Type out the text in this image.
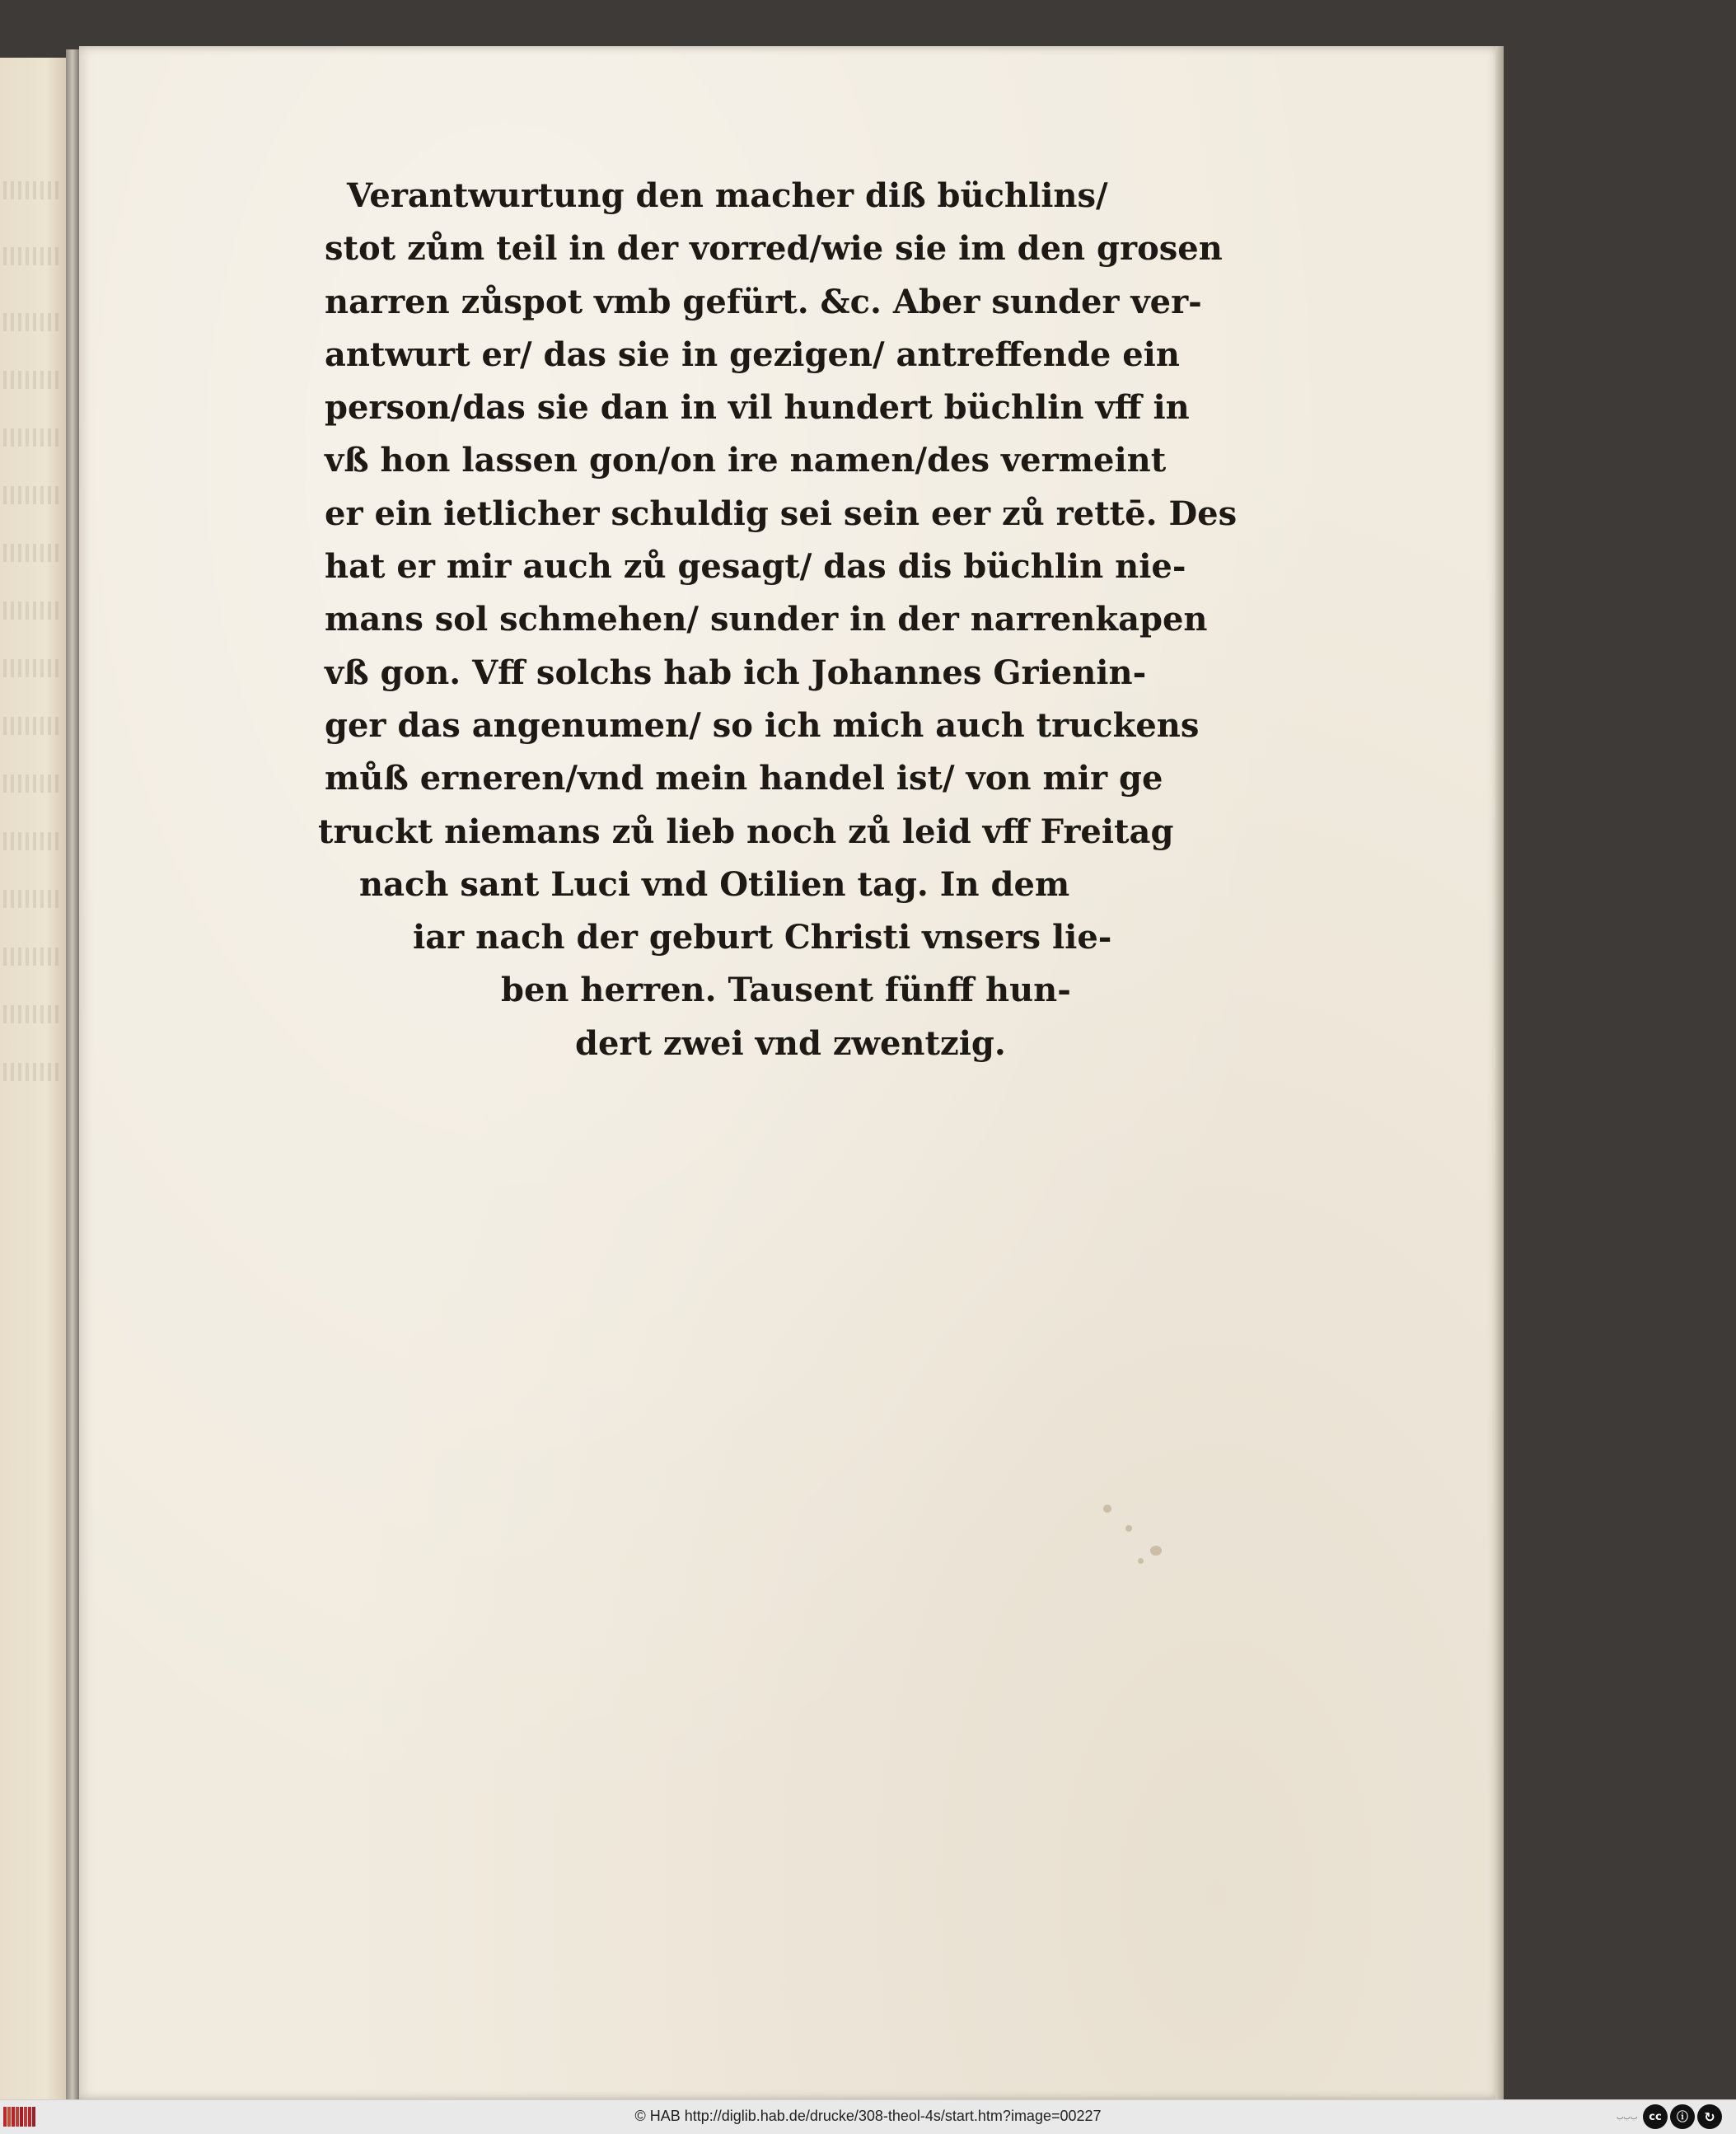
Verantwurtung den macher diß büchlins/
stot zům teil in der vorred/wie sie im den grosen
narren zůspot vmb gefürt. &c. Aber sunder ver-
antwurt er/ das sie in gezigen/ antreffende ein
person/das sie dan in vil hundert büchlin vff in
vß hon lassen gon/on ire namen/des vermeint
er ein ietlicher schuldig sei sein eer zů rettē. Des
hat er mir auch zů gesagt/ das dis büchlin nie-
mans sol schmehen/ sunder in der narrenkapen
vß gon. Vff solchs hab ich Johannes Grienin-
ger das angenumen/ so ich mich auch truckens
můß erneren/vnd mein handel ist/ von mir ge
truckt niemans zů lieb noch zů leid vff Freitag
nach sant Luci vnd Otilien tag. In dem
iar nach der geburt Christi vnsers lie-
ben herren. Tausent fünff hun-
dert zwei vnd zwentzig.
© HAB http://diglib.hab.de/drucke/308-theol-4s/start.htm?image=00227	ﺏﺏﺏ	cc	ⓘ	↻
